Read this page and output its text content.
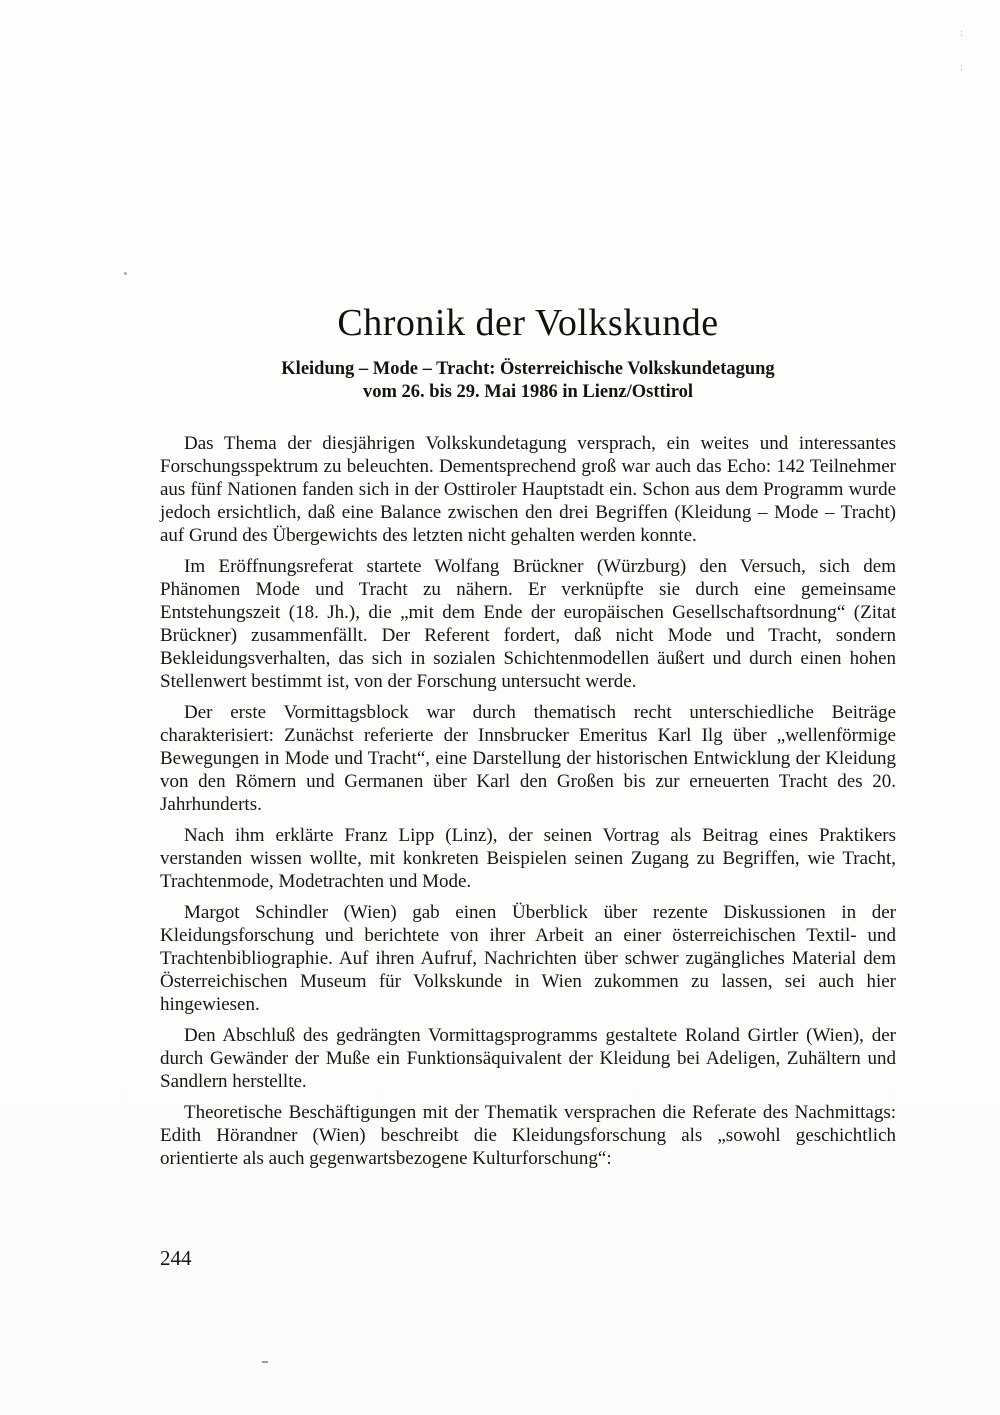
:
:
Chronik der Volkskunde
Kleidung – Mode – Tracht: Österreichische Volkskundetagung
vom 26. bis 29. Mai 1986 in Lienz/Osttirol

Das Thema der diesjährigen Volkskundetagung versprach, ein weites und interessantes Forschungsspektrum zu beleuchten. Dementsprechend groß war auch das Echo: 142 Teilnehmer aus fünf Nationen fanden sich in der Osttiroler Hauptstadt ein. Schon aus dem Programm wurde jedoch ersichtlich, daß eine Balance zwischen den drei Begriffen (Kleidung – Mode – Tracht) auf Grund des Übergewichts des letzten nicht gehalten werden konnte.

Im Eröffnungsreferat startete Wolfang Brückner (Würzburg) den Versuch, sich dem Phänomen Mode und Tracht zu nähern. Er verknüpfte sie durch eine gemeinsame Entstehungszeit (18. Jh.), die „mit dem Ende der europäischen Gesellschaftsordnung“ (Zitat Brückner) zusammenfällt. Der Referent fordert, daß nicht Mode und Tracht, sondern Bekleidungsverhalten, das sich in sozialen Schichtenmodellen äußert und durch einen hohen Stellenwert bestimmt ist, von der Forschung untersucht werde.

Der erste Vormittagsblock war durch thematisch recht unterschiedliche Beiträge charakterisiert: Zunächst referierte der Innsbrucker Emeritus Karl Ilg über „wellenförmige Bewegungen in Mode und Tracht“, eine Darstellung der historischen Entwicklung der Kleidung von den Römern und Germanen über Karl den Großen bis zur erneuerten Tracht des 20. Jahrhunderts.

Nach ihm erklärte Franz Lipp (Linz), der seinen Vortrag als Beitrag eines Praktikers verstanden wissen wollte, mit konkreten Beispielen seinen Zugang zu Begriffen, wie Tracht, Trachtenmode, Modetrachten und Mode.

Margot Schindler (Wien) gab einen Überblick über rezente Diskussionen in der Kleidungsforschung und berichtete von ihrer Arbeit an einer österreichischen Textil- und Trachtenbibliographie. Auf ihren Aufruf, Nachrichten über schwer zugängliches Material dem Österreichischen Museum für Volkskunde in Wien zukommen zu lassen, sei auch hier hingewiesen.

Den Abschluß des gedrängten Vormittagsprogramms gestaltete Roland Girtler (Wien), der durch Gewänder der Muße ein Funktionsäquivalent der Kleidung bei Adeligen, Zuhältern und Sandlern herstellte.

Theoretische Beschäftigungen mit der Thematik versprachen die Referate des Nachmittags: Edith Hörandner (Wien) beschreibt die Kleidungsforschung als „sowohl geschichtlich orientierte als auch gegenwartsbezogene Kulturforschung“:

244
